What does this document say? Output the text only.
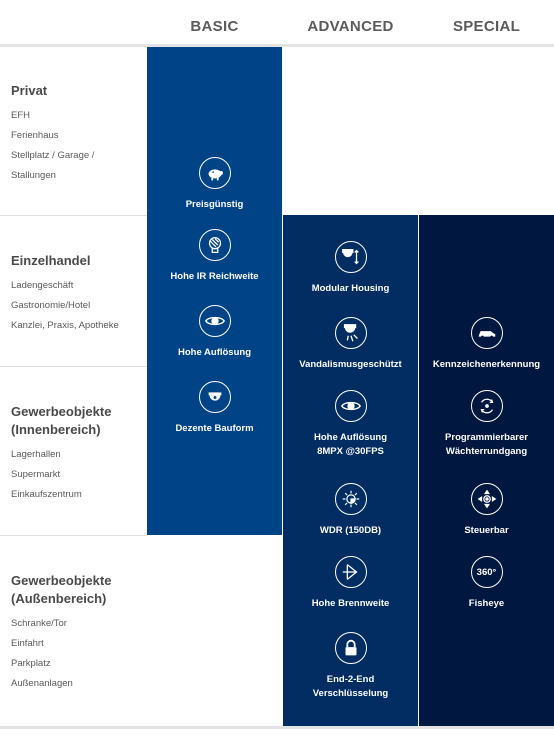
BASIC	ADVANCED	SPECIAL
Privat
EFH
Ferienhaus
Stellplatz / Garage /
Stallungen
Einzelhandel
Ladengeschäft
Gastronomie/Hotel
Kanzlei, Praxis, Apotheke
Gewerbeobjekte
(Innenbereich)
Lagerhallen
Supermarkt
Einkaufszentrum
Gewerbeobjekte
(Außenbereich)
Schranke/Tor
Einfahrt
Parkplatz
Außenanlagen
Preisgünstig
Hohe IR Reichweite
Hohe Auflösung
Dezente Bauform
Modular Housing
Vandalismusgeschützt
Hohe Auflösung
8MPX @30FPS
WDR (150DB)
Hohe Brennweite
End-2-End
Verschlüsselung
Kennzeichenerkennung
Programmierbarer
Wächterrundgang
Steuerbar
360°
Fisheye
